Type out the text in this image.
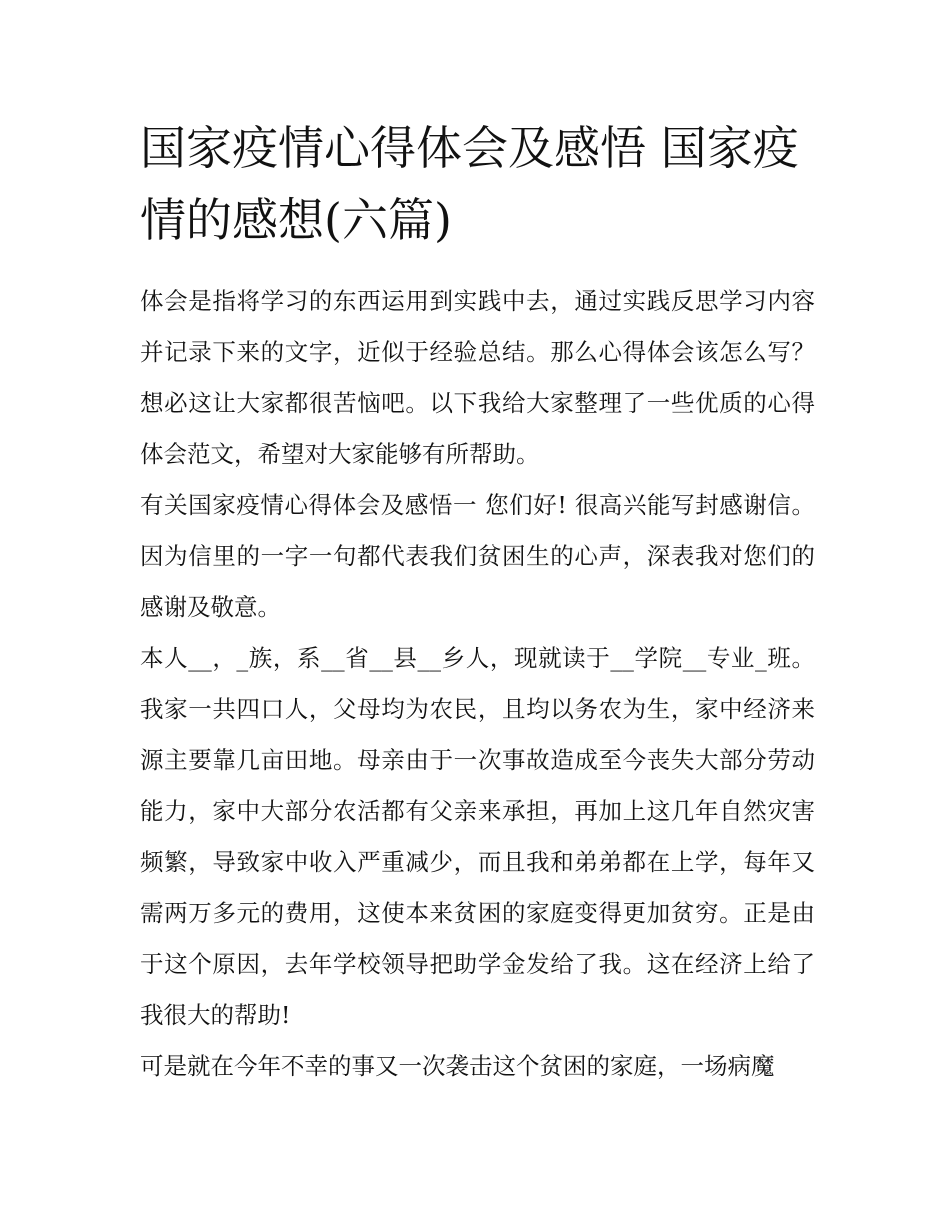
国家疫情心得体会及感悟 国家疫情的感想(六篇)

体会是指将学习的东西运用到实践中去，通过实践反思学习内容并记录下来的文字，近似于经验总结。那么心得体会该怎么写？想必这让大家都很苦恼吧。以下我给大家整理了一些优质的心得体会范文，希望对大家能够有所帮助。

有关国家疫情心得体会及感悟一 您们好! 很高兴能写封感谢信。 因为信里的一字一句都代表我们贫困生的心声，深表我对您们的感谢及敬意。

本人__，_族，系__省__县__乡人，现就读于__学院__专业_班。我家一共四口人，父母均为农民，且均以务农为生，家中经济来源主要靠几亩田地。母亲由于一次事故造成至今丧失大部分劳动能力，家中大部分农活都有父亲来承担，再加上这几年自然灾害频繁，导致家中收入严重减少，而且我和弟弟都在上学，每年又需两万多元的费用，这使本来贫困的家庭变得更加贫穷。正是由于这个原因，去年学校领导把助学金发给了我。这在经济上给了我很大的帮助!

可是就在今年不幸的事又一次袭击这个贫困的家庭，一场病魔
